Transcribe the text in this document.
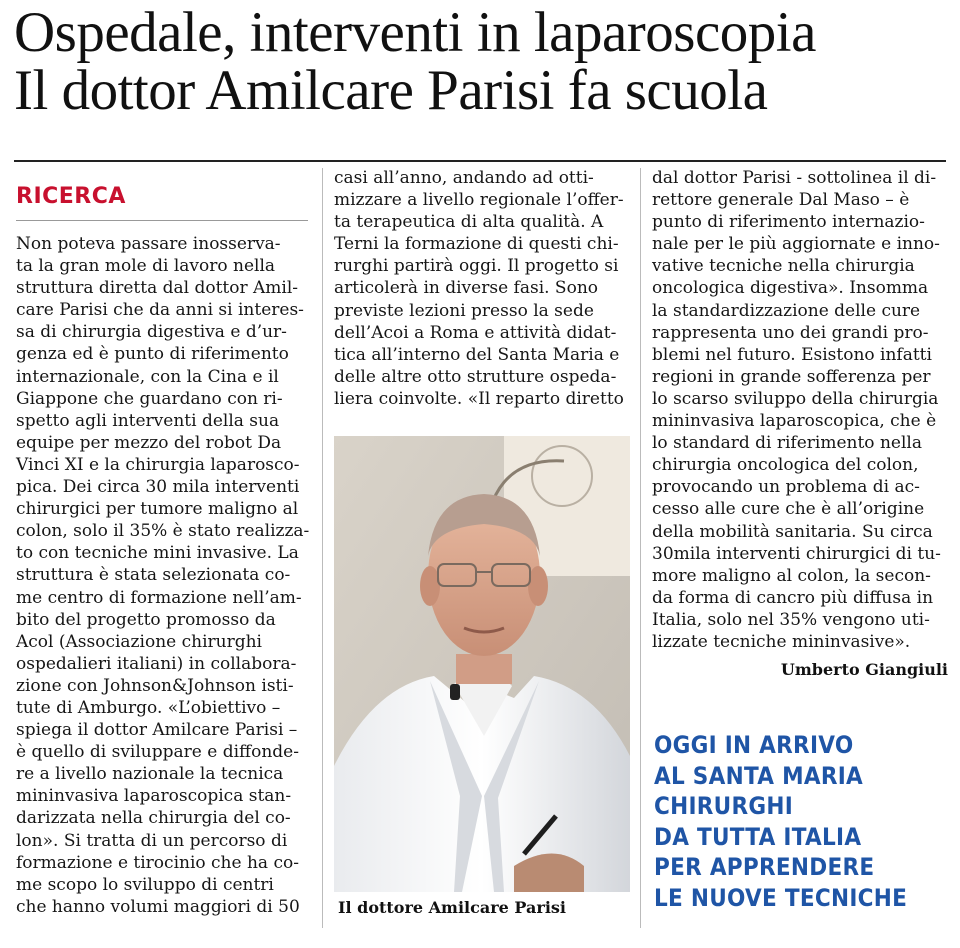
Ospedale, interventi in laparoscopia
Il dottor Amilcare Parisi fa scuola
RICERCA

Non poteva passare inosserva-
ta la gran mole di lavoro nella
struttura diretta dal dottor Amil-
care Parisi che da anni si interes-
sa di chirurgia digestiva e d’ur-
genza ed è punto di riferimento
internazionale, con la Cina e il
Giappone che guardano con ri-
spetto agli interventi della sua
equipe per mezzo del robot Da
Vinci XI e la chirurgia laparosco-
pica. Dei circa 30 mila interventi
chirurgici per tumore maligno al
colon, solo il 35% è stato realizza-
to con tecniche mini invasive. La
struttura è stata selezionata co-
me centro di formazione nell’am-
bito del progetto promosso da
Acol (Associazione chirurghi
ospedalieri italiani) in collabora-
zione con Johnson&Johnson isti-
tute di Amburgo. «L’obiettivo –
spiega il dottor Amilcare Parisi –
è quello di sviluppare e diffonde-
re a livello nazionale la tecnica
mininvasiva laparoscopica stan-
darizzata nella chirurgia del co-
lon». Si tratta di un percorso di
formazione e tirocinio che ha co-
me scopo lo sviluppo di centri
che hanno volumi maggiori di 50

casi all’anno, andando ad otti-
mizzare a livello regionale l’offer-
ta terapeutica di alta qualità. A
Terni la formazione di questi chi-
rurghi partirà oggi. Il progetto si
articolerà in diverse fasi. Sono
previste lezioni presso la sede
dell’Acoi a Roma e attività didat-
tica all’interno del Santa Maria e
delle altre otto strutture ospeda-
liera coinvolte. «Il reparto diretto

dal dottor Parisi - sottolinea il di-
rettore generale Dal Maso – è
punto di riferimento internazio-
nale per le più aggiornate e inno-
vative tecniche nella chirurgia
oncologica digestiva». Insomma
la standardizzazione delle cure
rappresenta uno dei grandi pro-
blemi nel futuro. Esistono infatti
regioni in grande sofferenza per
lo scarso sviluppo della chirurgia
mininvasiva laparoscopica, che è
lo standard di riferimento nella
chirurgia oncologica del colon,
provocando un problema di ac-
cesso alle cure che è all’origine
della mobilità sanitaria. Su circa
30mila interventi chirurgici di tu-
more maligno al colon, la secon-
da forma di cancro più diffusa in
Italia, solo nel 35% vengono uti-
lizzate tecniche mininvasive».

Umberto Giangiuli
Il dottore Amilcare Parisi
OGGI IN ARRIVO
AL SANTA MARIA
CHIRURGHI
DA TUTTA ITALIA
PER APPRENDERE
LE NUOVE TECNICHE
